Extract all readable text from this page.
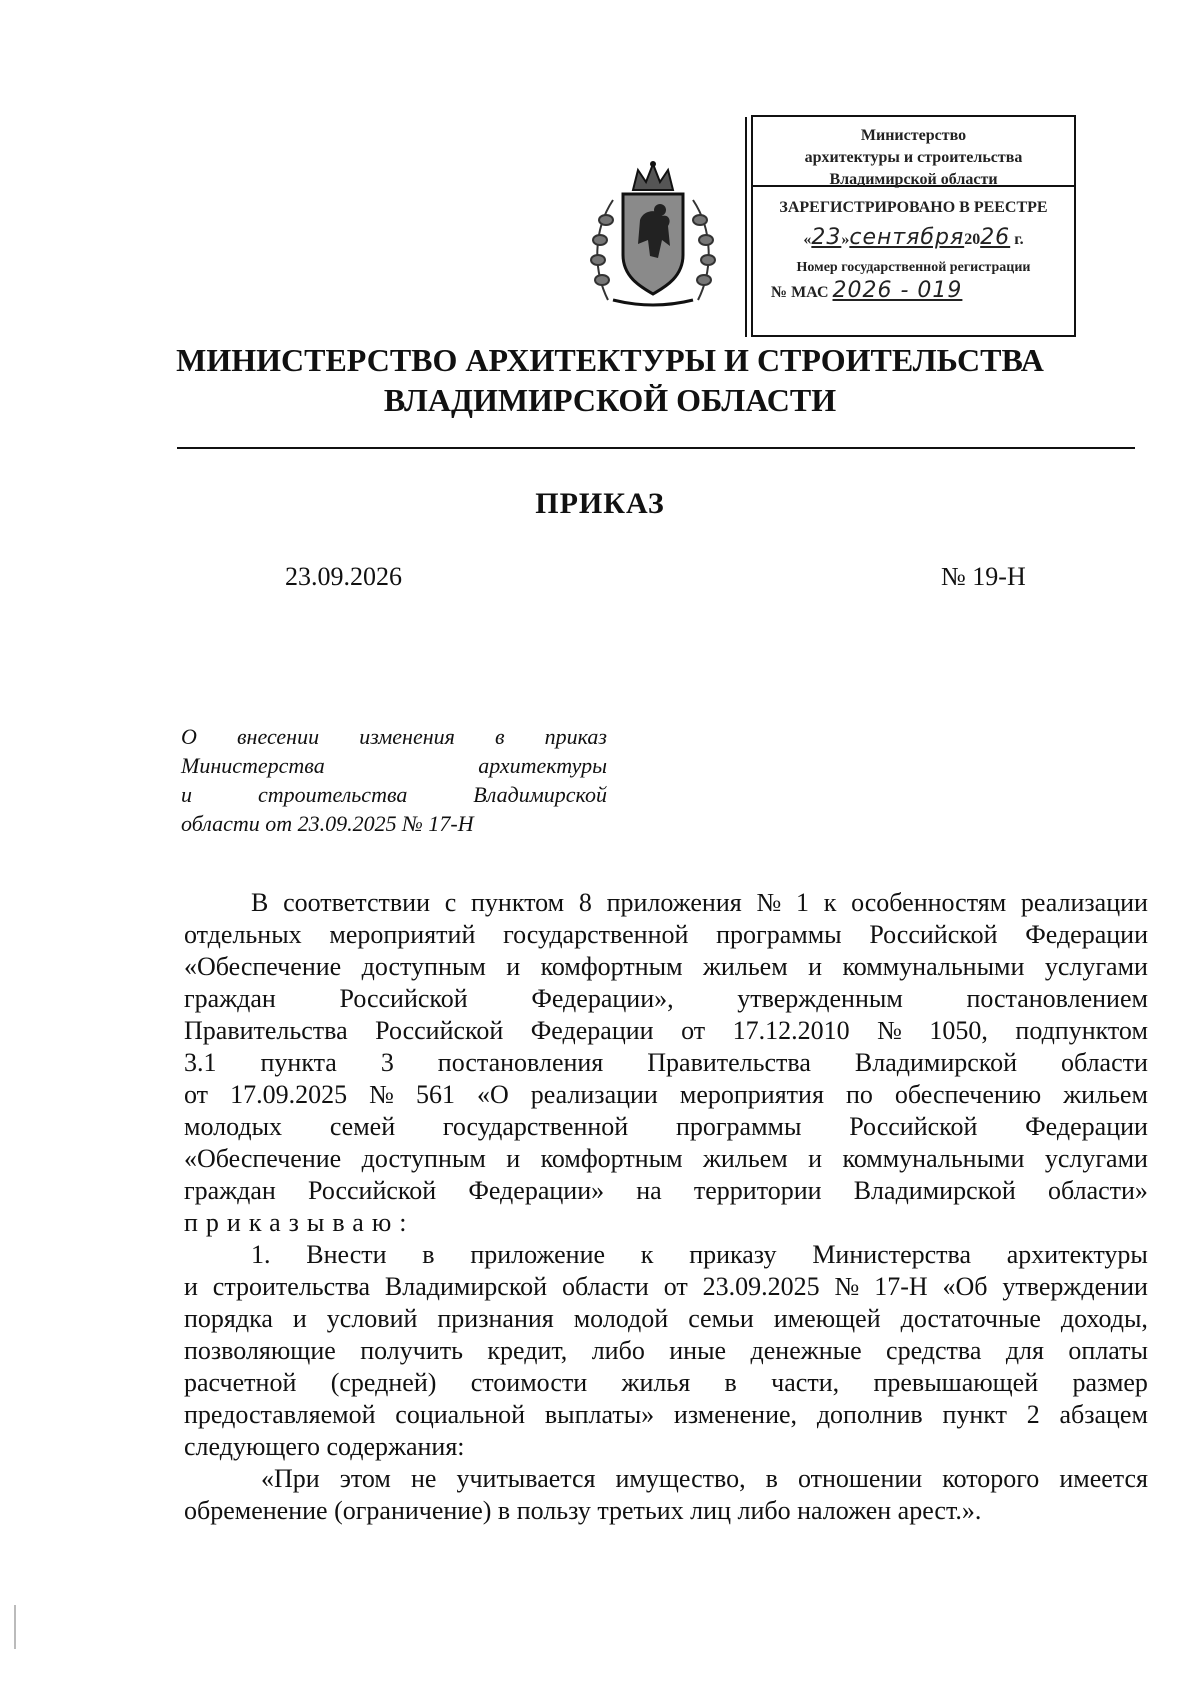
Министерство
архитектуры и строительства
Владимирской области
ЗАРЕГИСТРИРОВАНО В РЕЕСТРЕ
«23»сентября2026 г.
Номер государственной регистрации
№ МАС 2026 - 019
МИНИСТЕРСТВО АРХИТЕКТУРЫ И СТРОИТЕЛЬСТВА
ВЛАДИМИРСКОЙ ОБЛАСТИ
ПРИКАЗ
23.09.2026	№ 19-Н
О внесении изменения в приказ
Министерства	архитектуры
и	строительства	Владимирской
области от 23.09.2025 № 17-Н
В соответствии с пунктом 8 приложения № 1 к особенностям реализации
отдельных мероприятий государственной программы Российской Федерации
«Обеспечение доступным и комфортным жильем и коммунальными услугами
граждан Российской Федерации», утвержденным постановлением
Правительства Российской Федерации от 17.12.2010 № 1050, подпунктом
3.1 пункта 3 постановления Правительства Владимирской области
от 17.09.2025 № 561 «О реализации мероприятия по обеспечению жильем
молодых семей государственной программы Российской Федерации
«Обеспечение доступным и комфортным жильем и коммунальными услугами
граждан Российской Федерации» на территории Владимирской области»
приказываю:
1. Внести в приложение к приказу Министерства архитектуры
и строительства Владимирской области от 23.09.2025 № 17-Н «Об утверждении
порядка и условий признания молодой семьи имеющей достаточные доходы,
позволяющие получить кредит, либо иные денежные средства для оплаты
расчетной (средней) стоимости жилья в части, превышающей размер
предоставляемой социальной выплаты» изменение, дополнив пункт 2 абзацем
следующего содержания:
«При этом не учитывается имущество, в отношении которого имеется
обременение (ограничение) в пользу третьих лиц либо наложен арест.».
